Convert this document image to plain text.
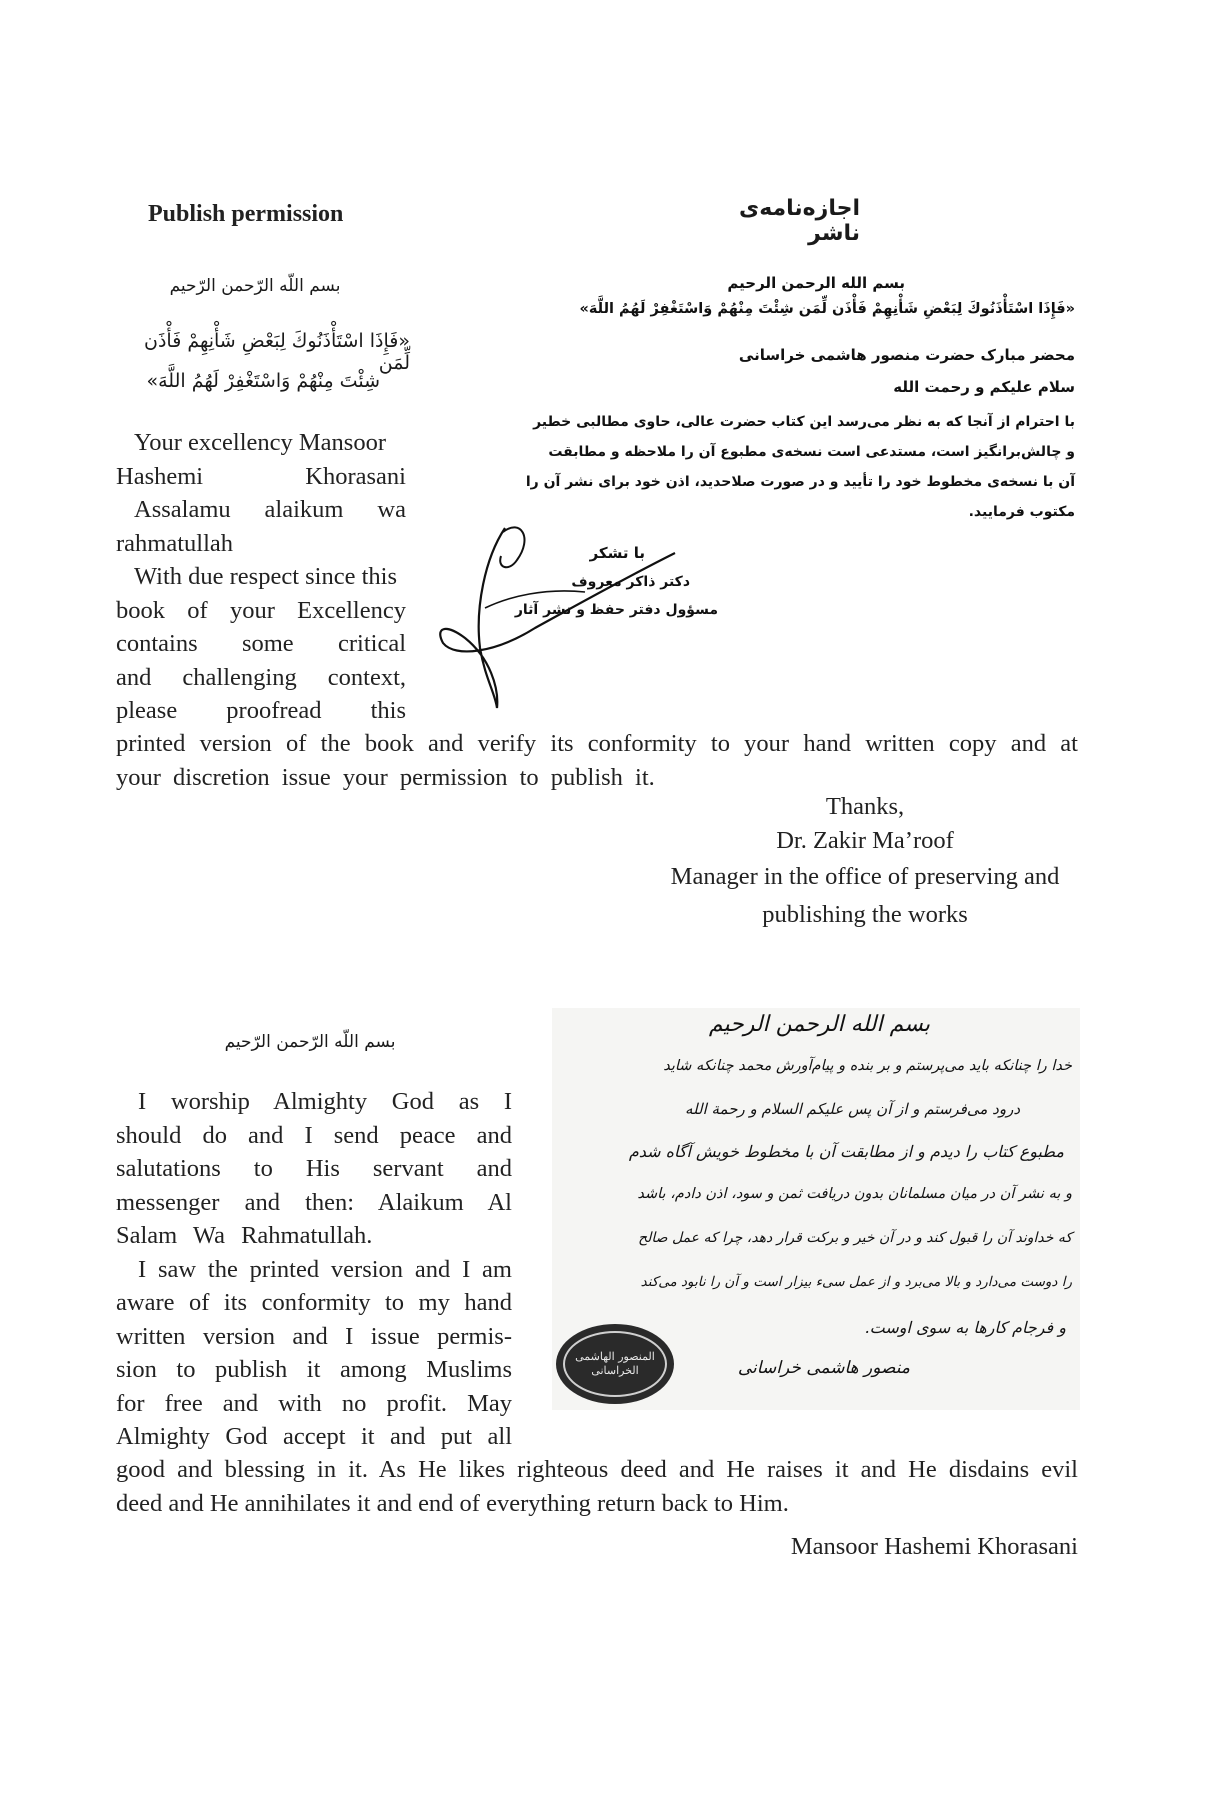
Publish permission
بسم اللّه الرّحمن الرّحیم
«فَإِذَا اسْتَأْذَنُوكَ لِبَعْضِ شَأْنِهِمْ فَأْذَن لِّمَن
شِئْتَ مِنْهُمْ وَاسْتَغْفِرْ لَهُمُ اللَّهَ»
Your excellency Mansoor
Hashemi Khorasani
Assalamu alaikum wa
rahmatullah
With due respect since this
book of your Excellency
contains some critical
and challenging context,
please proofread this
printed version of the book and verify its conformity to your hand written copy and at
your discretion issue your permission to publish it.
Thanks,
Dr. Zakir Ma’roof
Manager in the office of preserving and
publishing the works
اجازه‌نامه‌ی ناشر
بسم الله الرحمن الرحیم
«فَإِذَا اسْتَأْذَنُوكَ لِبَعْضِ شَأْنِهِمْ فَأْذَن لِّمَن شِئْتَ مِنْهُمْ وَاسْتَغْفِرْ لَهُمُ اللَّهَ»
محضر مبارک حضرت منصور هاشمی خراسانی
سلام علیکم و رحمت الله
با احترام از آنجا که به نظر می‌رسد این کتاب حضرت عالی، حاوی مطالبی خطیر
و چالش‌برانگیز است، مستدعی است نسخه‌ی مطبوع آن را ملاحظه و مطابقت
آن با نسخه‌ی مخطوط خود را تأیید و در صورت صلاحدید، اذن خود برای نشر آن را
مکتوب فرمایید.
با تشکر
دکتر ذاکر معروف
مسؤول دفتر حفظ و نشر آثار
بسم اللّه الرّحمن الرّحیم
I worship Almighty God as I
should do and I send peace and
salutations to His servant and
messenger and then: Alaikum Al
Salam Wa Rahmatullah.
I saw the printed version and I am
aware of its conformity to my hand
written version and I issue permis-
sion to publish it among Muslims
for free and with no profit. May
Almighty God accept it and put all
good and blessing in it. As He likes righteous deed and He raises it and He disdains evil
deed and He annihilates it and end of everything return back to Him.
Mansoor Hashemi Khorasani
بسم الله الرحمن الرحیم
خدا را چنانکه باید می‌پرستم و بر بنده و پیام‌آورش محمد چنانکه شاید
درود می‌فرستم و از آن پس علیکم السلام و رحمة الله
مطبوع کتاب را دیدم و از مطابقت آن با مخطوط خویش آگاه شدم
و به نشر آن در میان مسلمانان بدون دریافت ثمن و سود، اذن دادم، باشد
که خداوند آن را قبول کند و در آن خیر و برکت قرار دهد، چرا که عمل صالح
را دوست می‌دارد و بالا می‌برد و از عمل سیء بیزار است و آن را نابود می‌کند
و فرجام کارها به سوی اوست.
منصور هاشمی خراسانی
المنصور الهاشمی الخراسانی
